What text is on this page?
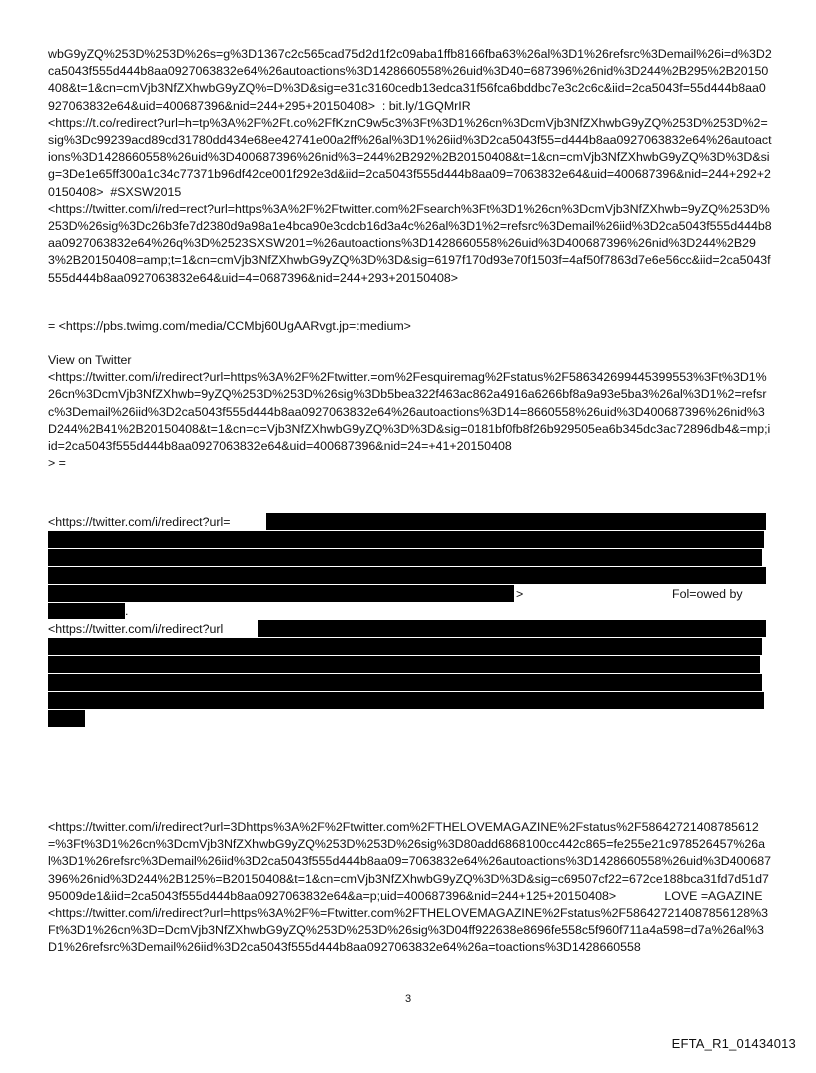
wbG9yZQ%253D%253D%26s=g%3D1367c2c565cad75d2d1f2c09aba1ffb8166fba63%26al%3D1%26refsrc%3Demail%26i=d%3D2ca5043f555d444b8aa0927063832e64%26autoactions%3D1428660558%26uid%3D40=687396%26nid%3D244%2B295%2B20150408&t=1&cn=cmVjb3NfZXhwbG9yZQ%=D%3D&sig=e31c3160cedb13edca31f56fca6bddbc7e3c2c6c&iid=2ca5043f=55d444b8aa0927063832e64&uid=400687396&nid=244+295+20150408>  : bit.ly/1GQMrIR
<https://t.co/redirect?url=h=tp%3A%2F%2Ft.co%2FfKznC9w5c3%3Ft%3D1%26cn%3DcmVjb3NfZXhwbG9yZQ%253D%253D%2=sig%3Dc99239acd89cd31780dd434e68ee42741e00a2ff%26al%3D1%26iid%3D2ca5043f55=d444b8aa0927063832e64%26autoactions%3D1428660558%26uid%3D400687396%26nid%3=244%2B292%2B20150408&t=1&cn=cmVjb3NfZXhwbG9yZQ%3D%3D&sig=3De1e65ff300a1c34c77371b96df42ce001f292e3d&iid=2ca5043f555d444b8aa09=7063832e64&uid=400687396&nid=244+292+20150408>  #SXSW2015
<https://twitter.com/i/red=rect?url=https%3A%2F%2Ftwitter.com%2Fsearch%3Ft%3D1%26cn%3DcmVjb3NfZXhwb=9yZQ%253D%253D%26sig%3Dc26b3fe7d2380d9a98a1e4bca90e3cdcb16d3a4c%26al%3D1%2=refsrc%3Demail%26iid%3D2ca5043f555d444b8aa0927063832e64%26q%3D%2523SXSW201=%26autoactions%3D1428660558%26uid%3D400687396%26nid%3D244%2B293%2B20150408=amp;t=1&cn=cmVjb3NfZXhwbG9yZQ%3D%3D&sig=6197f170d93e70f1503f=4af50f7863d7e6e56cc&iid=2ca5043f555d444b8aa0927063832e64&uid=4=0687396&nid=244+293+20150408>

= <https://pbs.twimg.com/media/CCMbj60UgAARvgt.jp=:medium>

View on Twitter
<https://twitter.com/i/redirect?url=https%3A%2F%2Ftwitter.=om%2Fesquiremag%2Fstatus%2F586342699445399553%3Ft%3D1%26cn%3DcmVjb3NfZXhwb=9yZQ%253D%253D%26sig%3Db5bea322f463ac862a4916a6266bf8a9a93e5ba3%26al%3D1%2=refsrc%3Demail%26iid%3D2ca5043f555d444b8aa0927063832e64%26autoactions%3D14=8660558%26uid%3D400687396%26nid%3D244%2B41%2B20150408&t=1&cn=c=Vjb3NfZXhwbG9yZQ%3D%3D&sig=0181bf0fb8f26b929505ea6b345dc3ac72896db4&=mp;iid=2ca5043f555d444b8aa0927063832e64&uid=400687396&nid=24=+41+20150408
> =

<https://twitter.com/i/redirect?url=
>	Fol=owed by
.
<https://twitter.com/i/redirect?url

<https://twitter.com/i/redirect?url=3Dhttps%3A%2F%2Ftwitter.com%2FTHELOVEMAGAZINE%2Fstatus%2F58642721408785612=%3Ft%3D1%26cn%3DcmVjb3NfZXhwbG9yZQ%253D%253D%26sig%3D80add6868100cc442c865=fe255e21c978526457%26al%3D1%26refsrc%3Demail%26iid%3D2ca5043f555d444b8aa09=7063832e64%26autoactions%3D1428660558%26uid%3D400687396%26nid%3D244%2B125%=B20150408&t=1&cn=cmVjb3NfZXhwbG9yZQ%3D%3D&sig=c69507cf22=672ce188bca31fd7d51d795009de1&iid=2ca5043f555d444b8aa0927063832e64&a=p;uid=400687396&nid=244+125+20150408>              LOVE =AGAZINE
<https://twitter.com/i/redirect?url=https%3A%2F%=Ftwitter.com%2FTHELOVEMAGAZINE%2Fstatus%2F586427214087856128%3Ft%3D1%26cn%3D=DcmVjb3NfZXhwbG9yZQ%253D%253D%26sig%3D04ff922638e8696fe558c5f960f711a4a598=d7a%26al%3D1%26refsrc%3Demail%26iid%3D2ca5043f555d444b8aa0927063832e64%26a=toactions%3D1428660558

3
EFTA_R1_01434013
